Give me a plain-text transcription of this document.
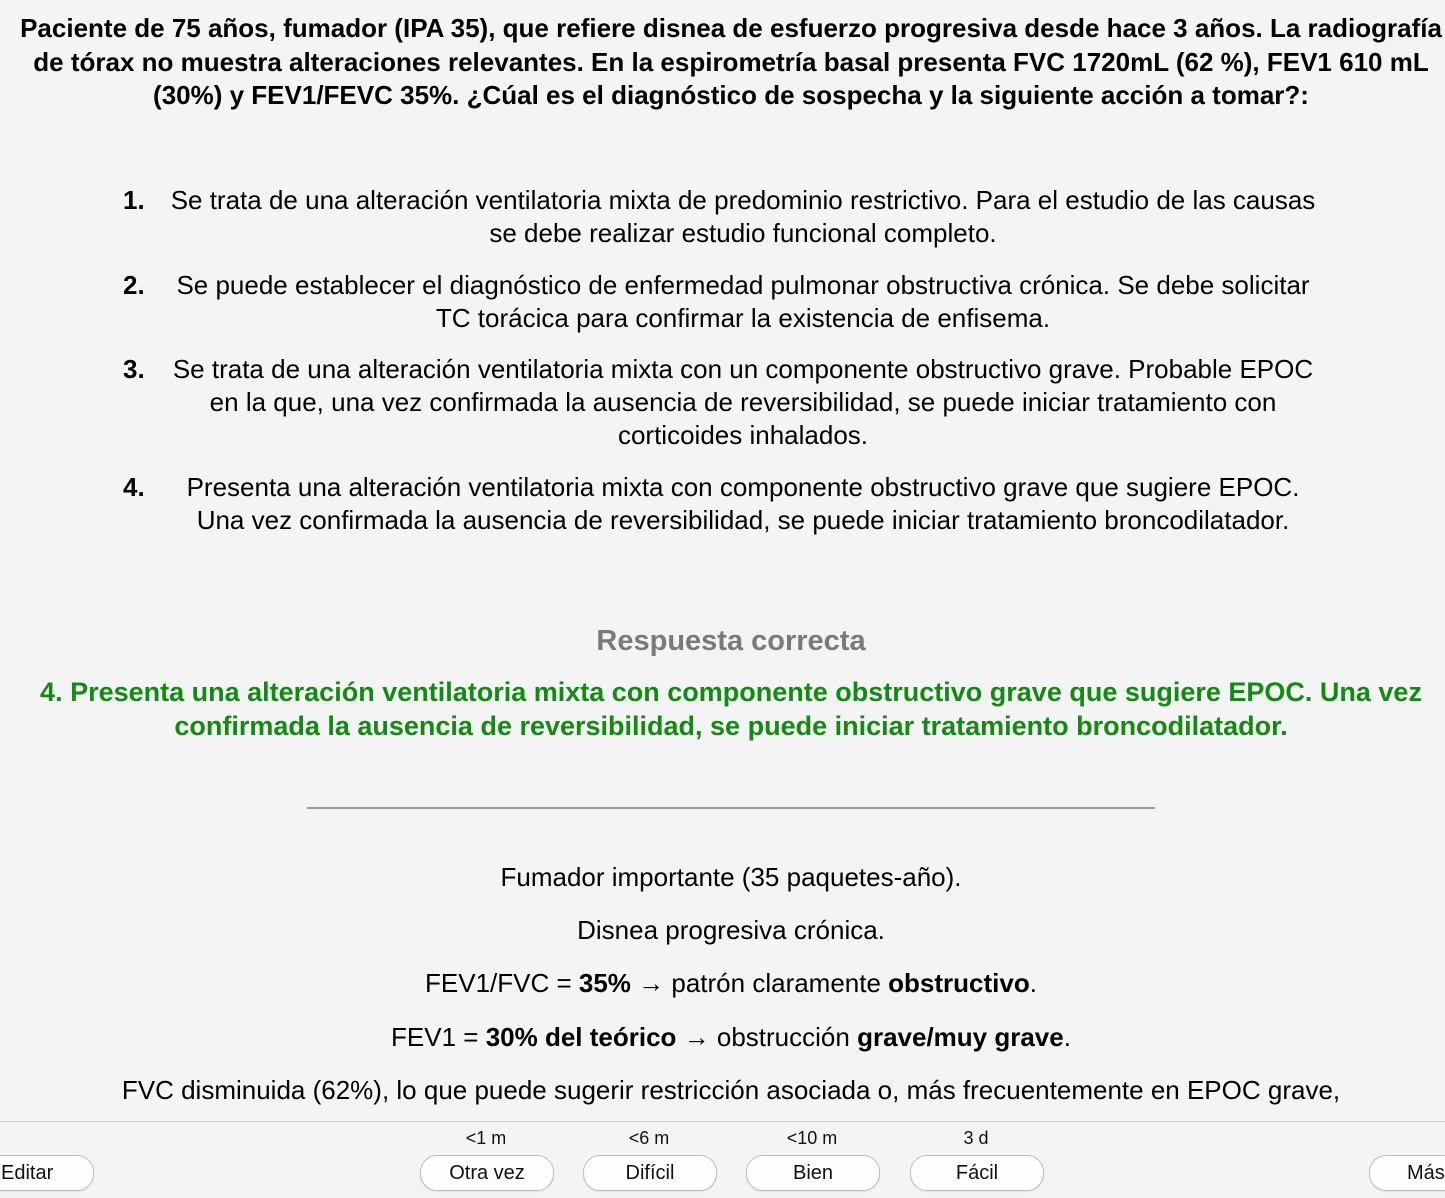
Paciente de 75 años, fumador (IPA 35), que refiere disnea de esfuerzo progresiva desde hace 3 años. La radiografía de tórax no muestra alteraciones relevantes. En la espirometría basal presenta FVC 1720mL (62 %), FEV1 610 mL (30%) y FEV1/FEVC 35%. ¿Cúal es el diagnóstico de sospecha y la siguiente acción a tomar?:
1.	Se trata de una alteración ventilatoria mixta de predominio restrictivo. Para el estudio de las causas se debe realizar estudio funcional completo.
2.	Se puede establecer el diagnóstico de enfermedad pulmonar obstructiva crónica. Se debe solicitar TC torácica para confirmar la existencia de enfisema.
3.	Se trata de una alteración ventilatoria mixta con un componente obstructivo grave. Probable EPOC en la que, una vez confirmada la ausencia de reversibilidad, se puede iniciar tratamiento con corticoides inhalados.
4.	Presenta una alteración ventilatoria mixta con componente obstructivo grave que sugiere EPOC. Una vez confirmada la ausencia de reversibilidad, se puede iniciar tratamiento broncodilatador.
Respuesta correcta
4. Presenta una alteración ventilatoria mixta con componente obstructivo grave que sugiere EPOC. Una vez confirmada la ausencia de reversibilidad, se puede iniciar tratamiento broncodilatador.
Fumador importante (35 paquetes-año).
Disnea progresiva crónica.
FEV1/FVC = 35% → patrón claramente obstructivo.
FEV1 = 30% del teórico → obstrucción grave/muy grave.
FVC disminuida (62%), lo que puede sugerir restricción asociada o, más frecuentemente en EPOC grave,
Editar
<1 m
Otra vez
<6 m
Difícil
<10 m
Bien
3 d
Fácil	Más
